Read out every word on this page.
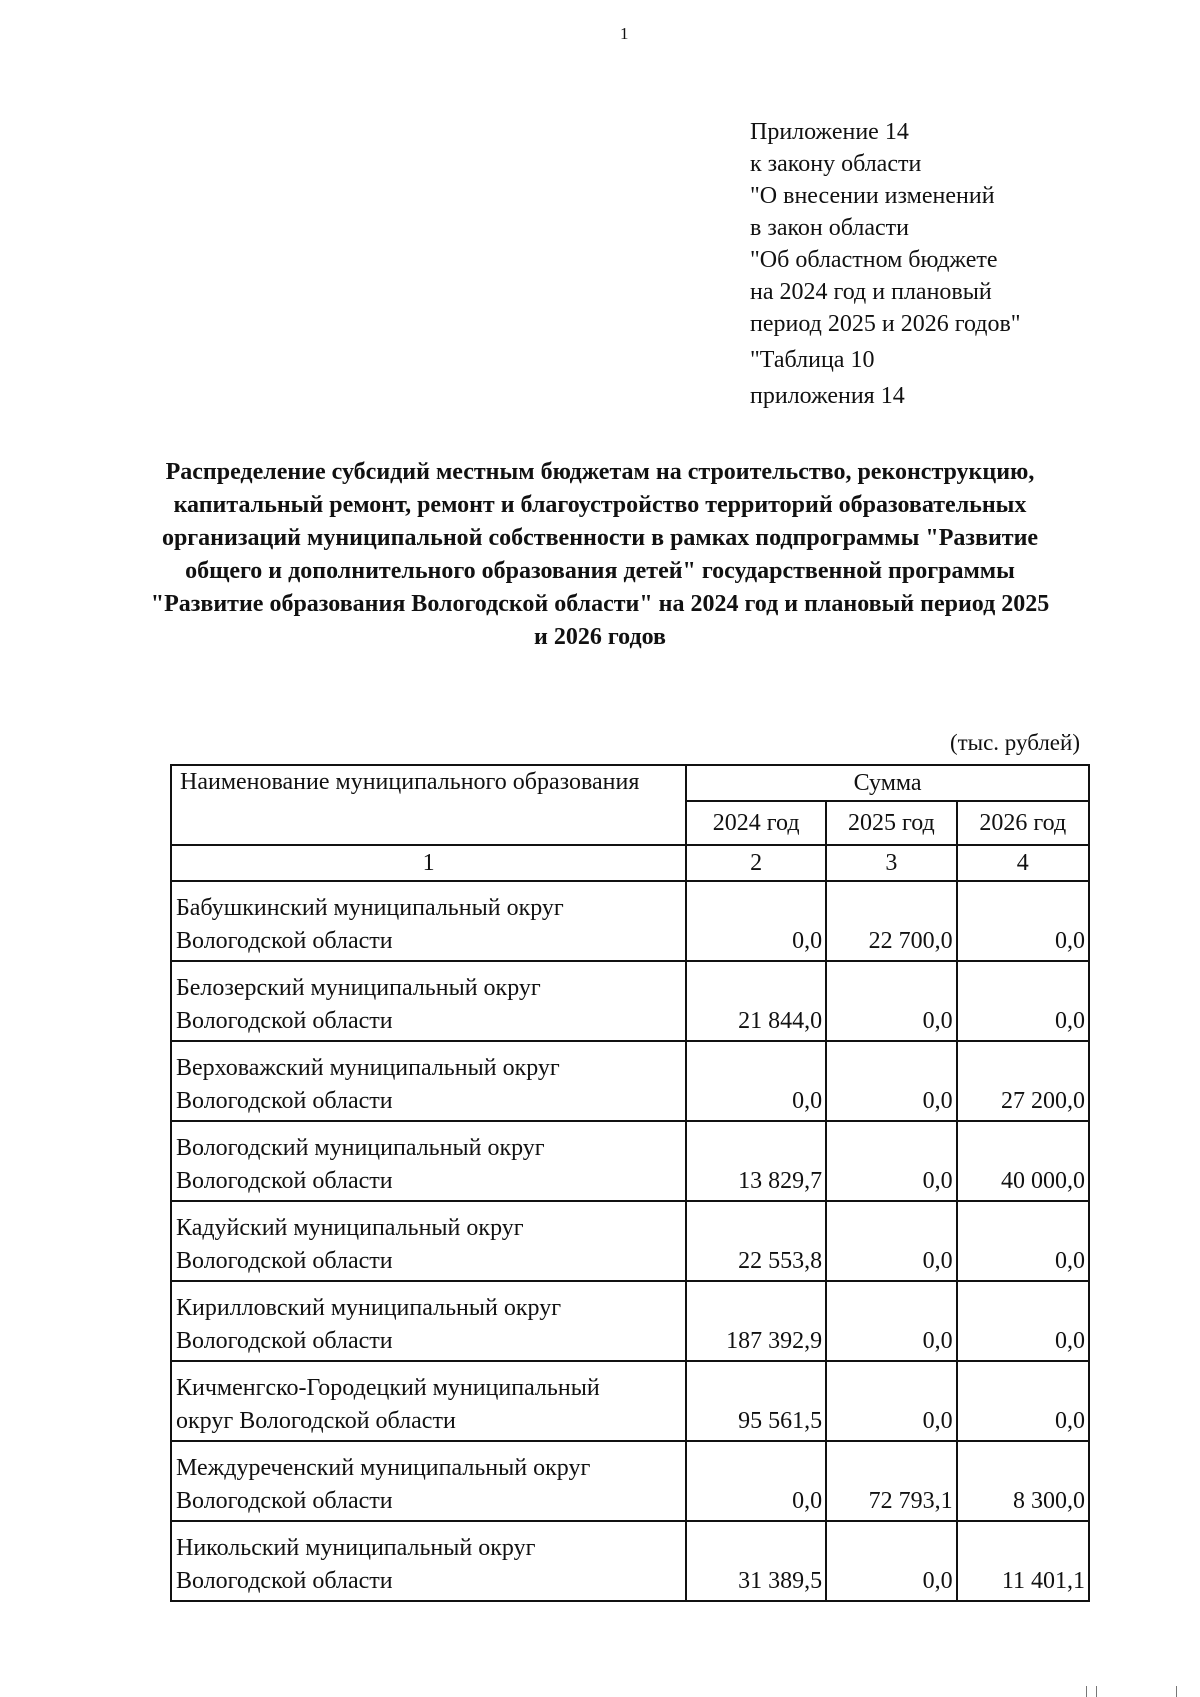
1
Приложение 14
к закону области
"О внесении изменений
в закон области
"Об областном бюджете
на 2024 год и плановый
период 2025 и 2026 годов"
"Таблица 10
приложения 14
Распределение субсидий местным бюджетам на строительство, реконструкцию, капитальный ремонт, ремонт и благоустройство территорий образовательных организаций муниципальной собственности в рамках подпрограммы "Развитие общего и дополнительного образования детей" государственной программы "Развитие образования Вологодской области" на 2024 год и плановый период 2025 и 2026 годов
(тыс. рублей)
Наименование муниципального образования	Сумма		
	2024 год	2025 год	2026 год
1	2	3	4

Бабушкинский муниципальный округ
Вологодской области	0,0	22 700,0	0,0

Белозерский муниципальный округ
Вологодской области	21 844,0	0,0	0,0

Верховажский муниципальный округ
Вологодской области	0,0	0,0	27 200,0

Вологодский муниципальный округ
Вологодской области	13 829,7	0,0	40 000,0

Кадуйский муниципальный округ
Вологодской области	22 553,8	0,0	0,0

Кирилловский муниципальный округ
Вологодской области	187 392,9	0,0	0,0

Кичменгско-Городецкий муниципальный
округ Вологодской области	95 561,5	0,0	0,0

Междуреченский муниципальный округ
Вологодской области	0,0	72 793,1	8 300,0

Никольский муниципальный округ
Вологодской области	31 389,5	0,0	11 401,1
